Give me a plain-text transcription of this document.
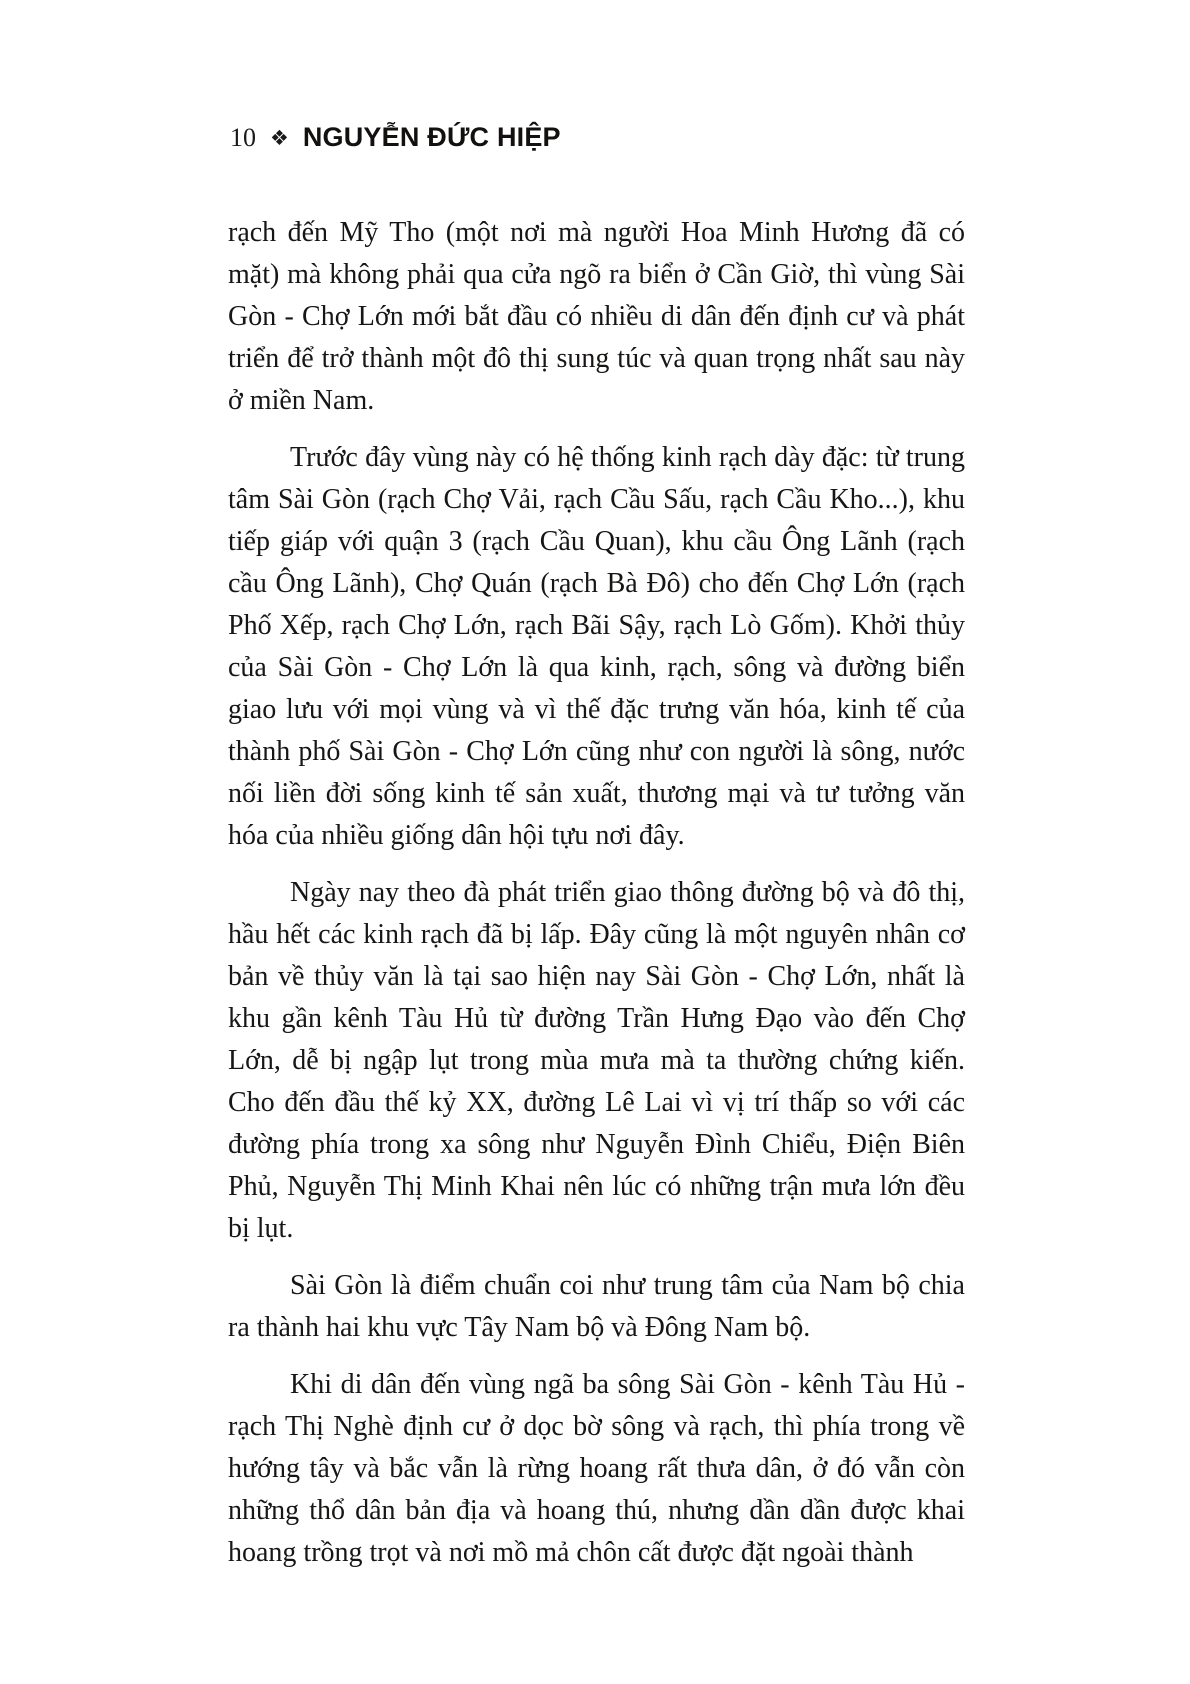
10 ❖ NGUYỄN ĐỨC HIỆP

rạch đến Mỹ Tho (một nơi mà người Hoa Minh Hương đã có mặt) mà không phải qua cửa ngõ ra biển ở Cần Giờ, thì vùng Sài Gòn - Chợ Lớn mới bắt đầu có nhiều di dân đến định cư và phát triển để trở thành một đô thị sung túc và quan trọng nhất sau này ở miền Nam.

Trước đây vùng này có hệ thống kinh rạch dày đặc: từ trung tâm Sài Gòn (rạch Chợ Vải, rạch Cầu Sấu, rạch Cầu Kho...), khu tiếp giáp với quận 3 (rạch Cầu Quan), khu cầu Ông Lãnh (rạch cầu Ông Lãnh), Chợ Quán (rạch Bà Đô) cho đến Chợ Lớn (rạch Phố Xếp, rạch Chợ Lớn, rạch Bãi Sậy, rạch Lò Gốm). Khởi thủy của Sài Gòn - Chợ Lớn là qua kinh, rạch, sông và đường biển giao lưu với mọi vùng và vì thế đặc trưng văn hóa, kinh tế của thành phố Sài Gòn - Chợ Lớn cũng như con người là sông, nước nối liền đời sống kinh tế sản xuất, thương mại và tư tưởng văn hóa của nhiều giống dân hội tựu nơi đây.

Ngày nay theo đà phát triển giao thông đường bộ và đô thị, hầu hết các kinh rạch đã bị lấp. Đây cũng là một nguyên nhân cơ bản về thủy văn là tại sao hiện nay Sài Gòn - Chợ Lớn, nhất là khu gần kênh Tàu Hủ từ đường Trần Hưng Đạo vào đến Chợ Lớn, dễ bị ngập lụt trong mùa mưa mà ta thường chứng kiến. Cho đến đầu thế kỷ XX, đường Lê Lai vì vị trí thấp so với các đường phía trong xa sông như Nguyễn Đình Chiểu, Điện Biên Phủ, Nguyễn Thị Minh Khai nên lúc có những trận mưa lớn đều bị lụt.

Sài Gòn là điểm chuẩn coi như trung tâm của Nam bộ chia ra thành hai khu vực Tây Nam bộ và Đông Nam bộ.

Khi di dân đến vùng ngã ba sông Sài Gòn - kênh Tàu Hủ - rạch Thị Nghè định cư ở dọc bờ sông và rạch, thì phía trong về hướng tây và bắc vẫn là rừng hoang rất thưa dân, ở đó vẫn còn những thổ dân bản địa và hoang thú, nhưng dần dần được khai hoang trồng trọt và nơi mồ mả chôn cất được đặt ngoài thành
